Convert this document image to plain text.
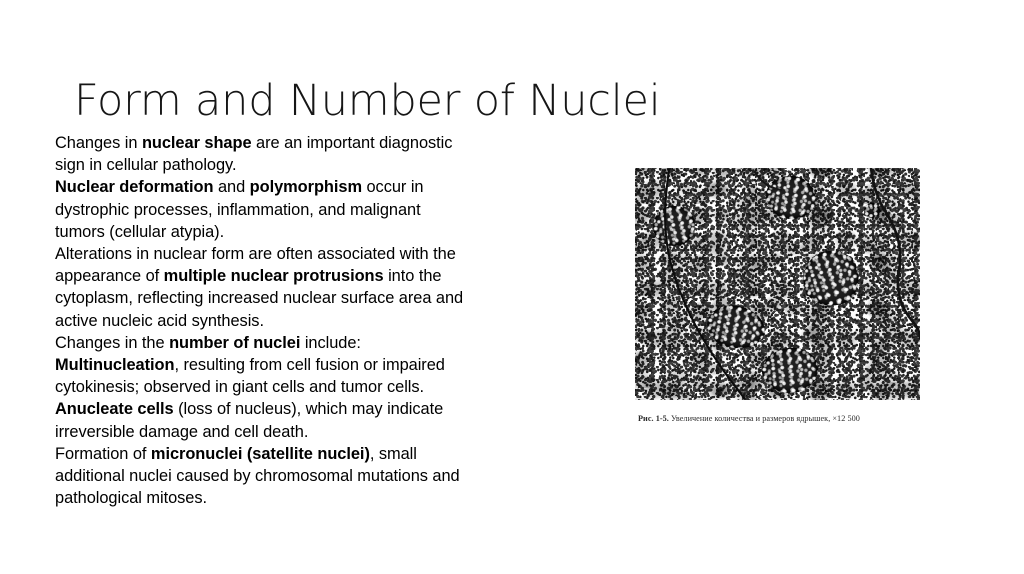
Form and Number of Nuclei
Changes in nuclear shape are an important diagnostic
sign in cellular pathology.
Nuclear deformation and polymorphism occur in
dystrophic processes, inflammation, and malignant
tumors (cellular atypia).
Alterations in nuclear form are often associated with the
appearance of multiple nuclear protrusions into the
cytoplasm, reflecting increased nuclear surface area and
active nucleic acid synthesis.
Changes in the number of nuclei include:
Multinucleation, resulting from cell fusion or impaired
cytokinesis; observed in giant cells and tumor cells.
Anucleate cells (loss of nucleus), which may indicate
irreversible damage and cell death.
Formation of micronuclei (satellite nuclei), small
additional nuclei caused by chromosomal mutations and
pathological mitoses.
Рис. 1-5. Увеличение количества и размеров ядрышек, ×12 500
